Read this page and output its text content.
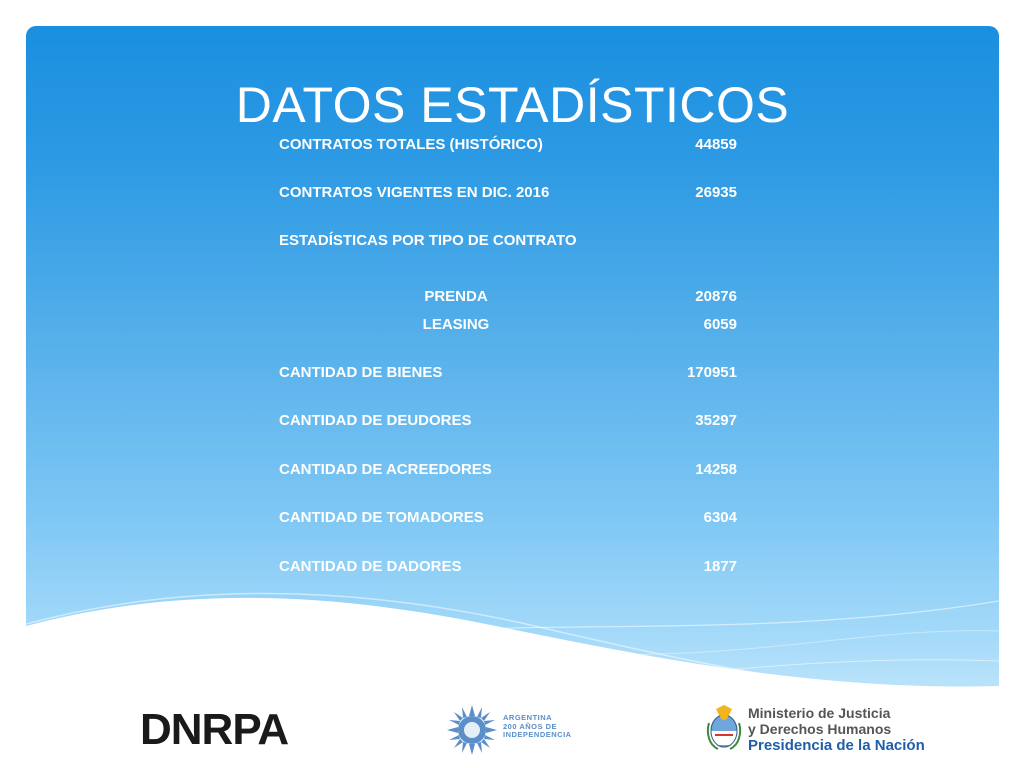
DATOS ESTADÍSTICOS
CONTRATOS TOTALES (HISTÓRICO)	44859
CONTRATOS VIGENTES EN DIC. 2016	26935
ESTADÍSTICAS POR TIPO DE CONTRATO
PRENDA	20876
LEASING	6059
CANTIDAD DE BIENES	170951
CANTIDAD DE DEUDORES	35297
CANTIDAD DE ACREEDORES	14258
CANTIDAD DE TOMADORES	6304
CANTIDAD DE DADORES	1877
DNRPA	ARGENTINA
200 AÑOS DE
INDEPENDENCIA
Ministerio de Justicia
y Derechos Humanos
Presidencia de la Nación
